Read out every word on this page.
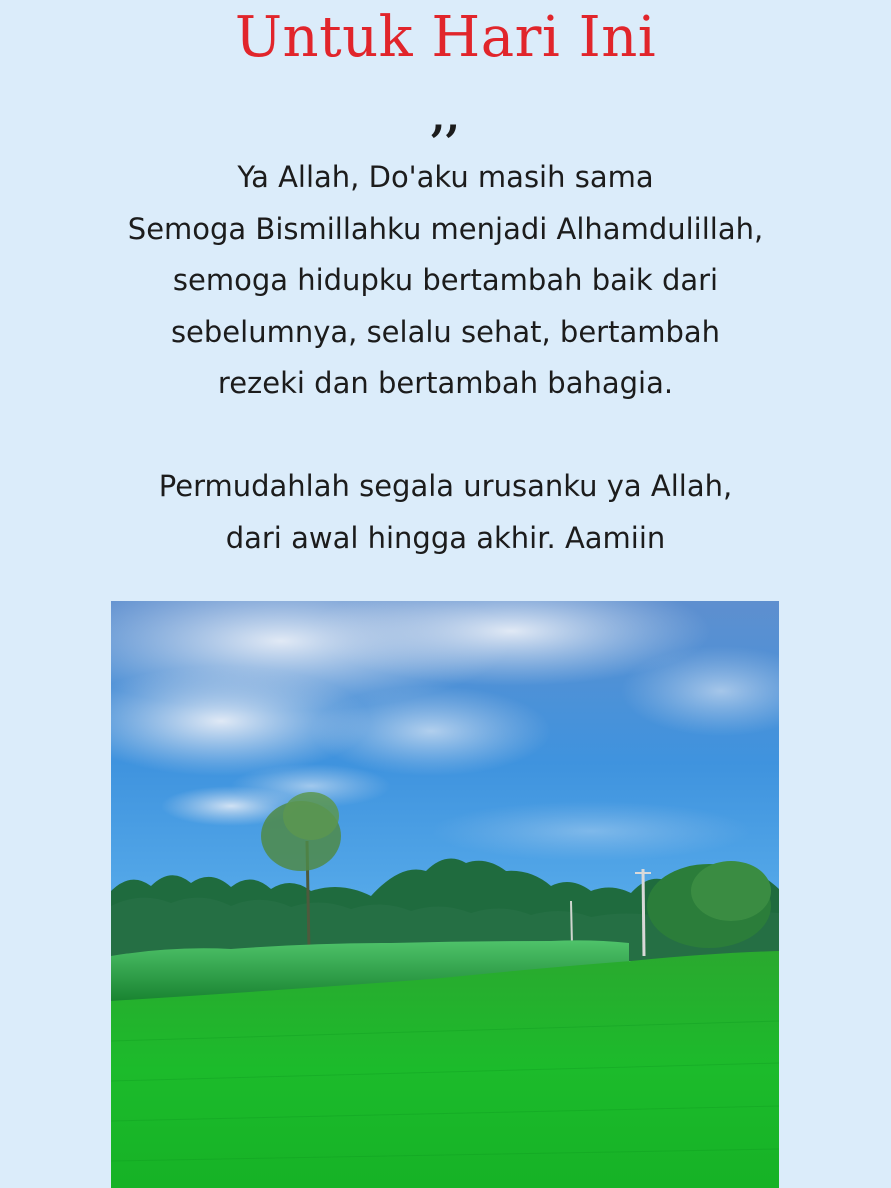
Untuk Hari Ini
,,
Ya Allah, Do'aku masih sama
Semoga Bismillahku menjadi Alhamdulillah,
semoga hidupku bertambah baik dari
sebelumnya, selalu sehat, bertambah
rezeki dan bertambah bahagia.
Permudahlah segala urusanku ya Allah,
dari awal hingga akhir. Aamiin
